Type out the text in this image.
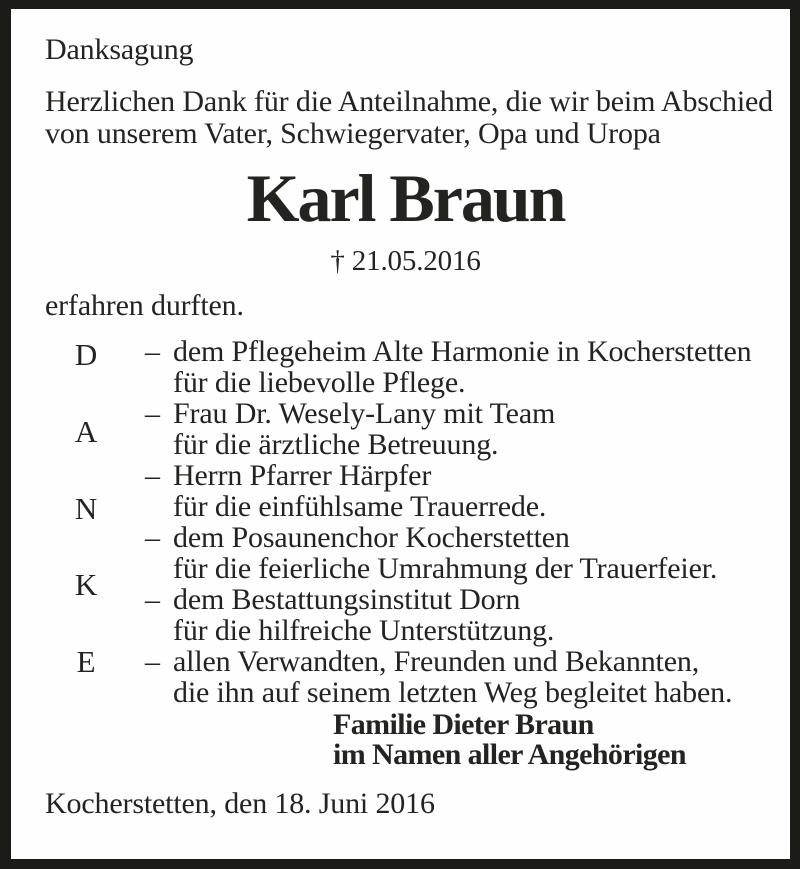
Danksagung
Herzlichen Dank für die Anteilnahme, die wir beim Abschied
von unserem Vater, Schwiegervater, Opa und Uropa
Karl Braun
† 21.05.2016
erfahren durften.
D
A
N
K
E
– dem Pflegeheim Alte Harmonie in Kocherstetten
für die liebevolle Pflege.
– Frau Dr. Wesely-Lany mit Team
für die ärztliche Betreuung.
– Herrn Pfarrer Härpfer
für die einfühlsame Trauerrede.
– dem Posaunenchor Kocherstetten
für die feierliche Umrahmung der Trauerfeier.
– dem Bestattungsinstitut Dorn
für die hilfreiche Unterstützung.
– allen Verwandten, Freunden und Bekannten,
die ihn auf seinem letzten Weg begleitet haben.
Familie Dieter Braun
im Namen aller Angehörigen
Kocherstetten, den 18. Juni 2016
